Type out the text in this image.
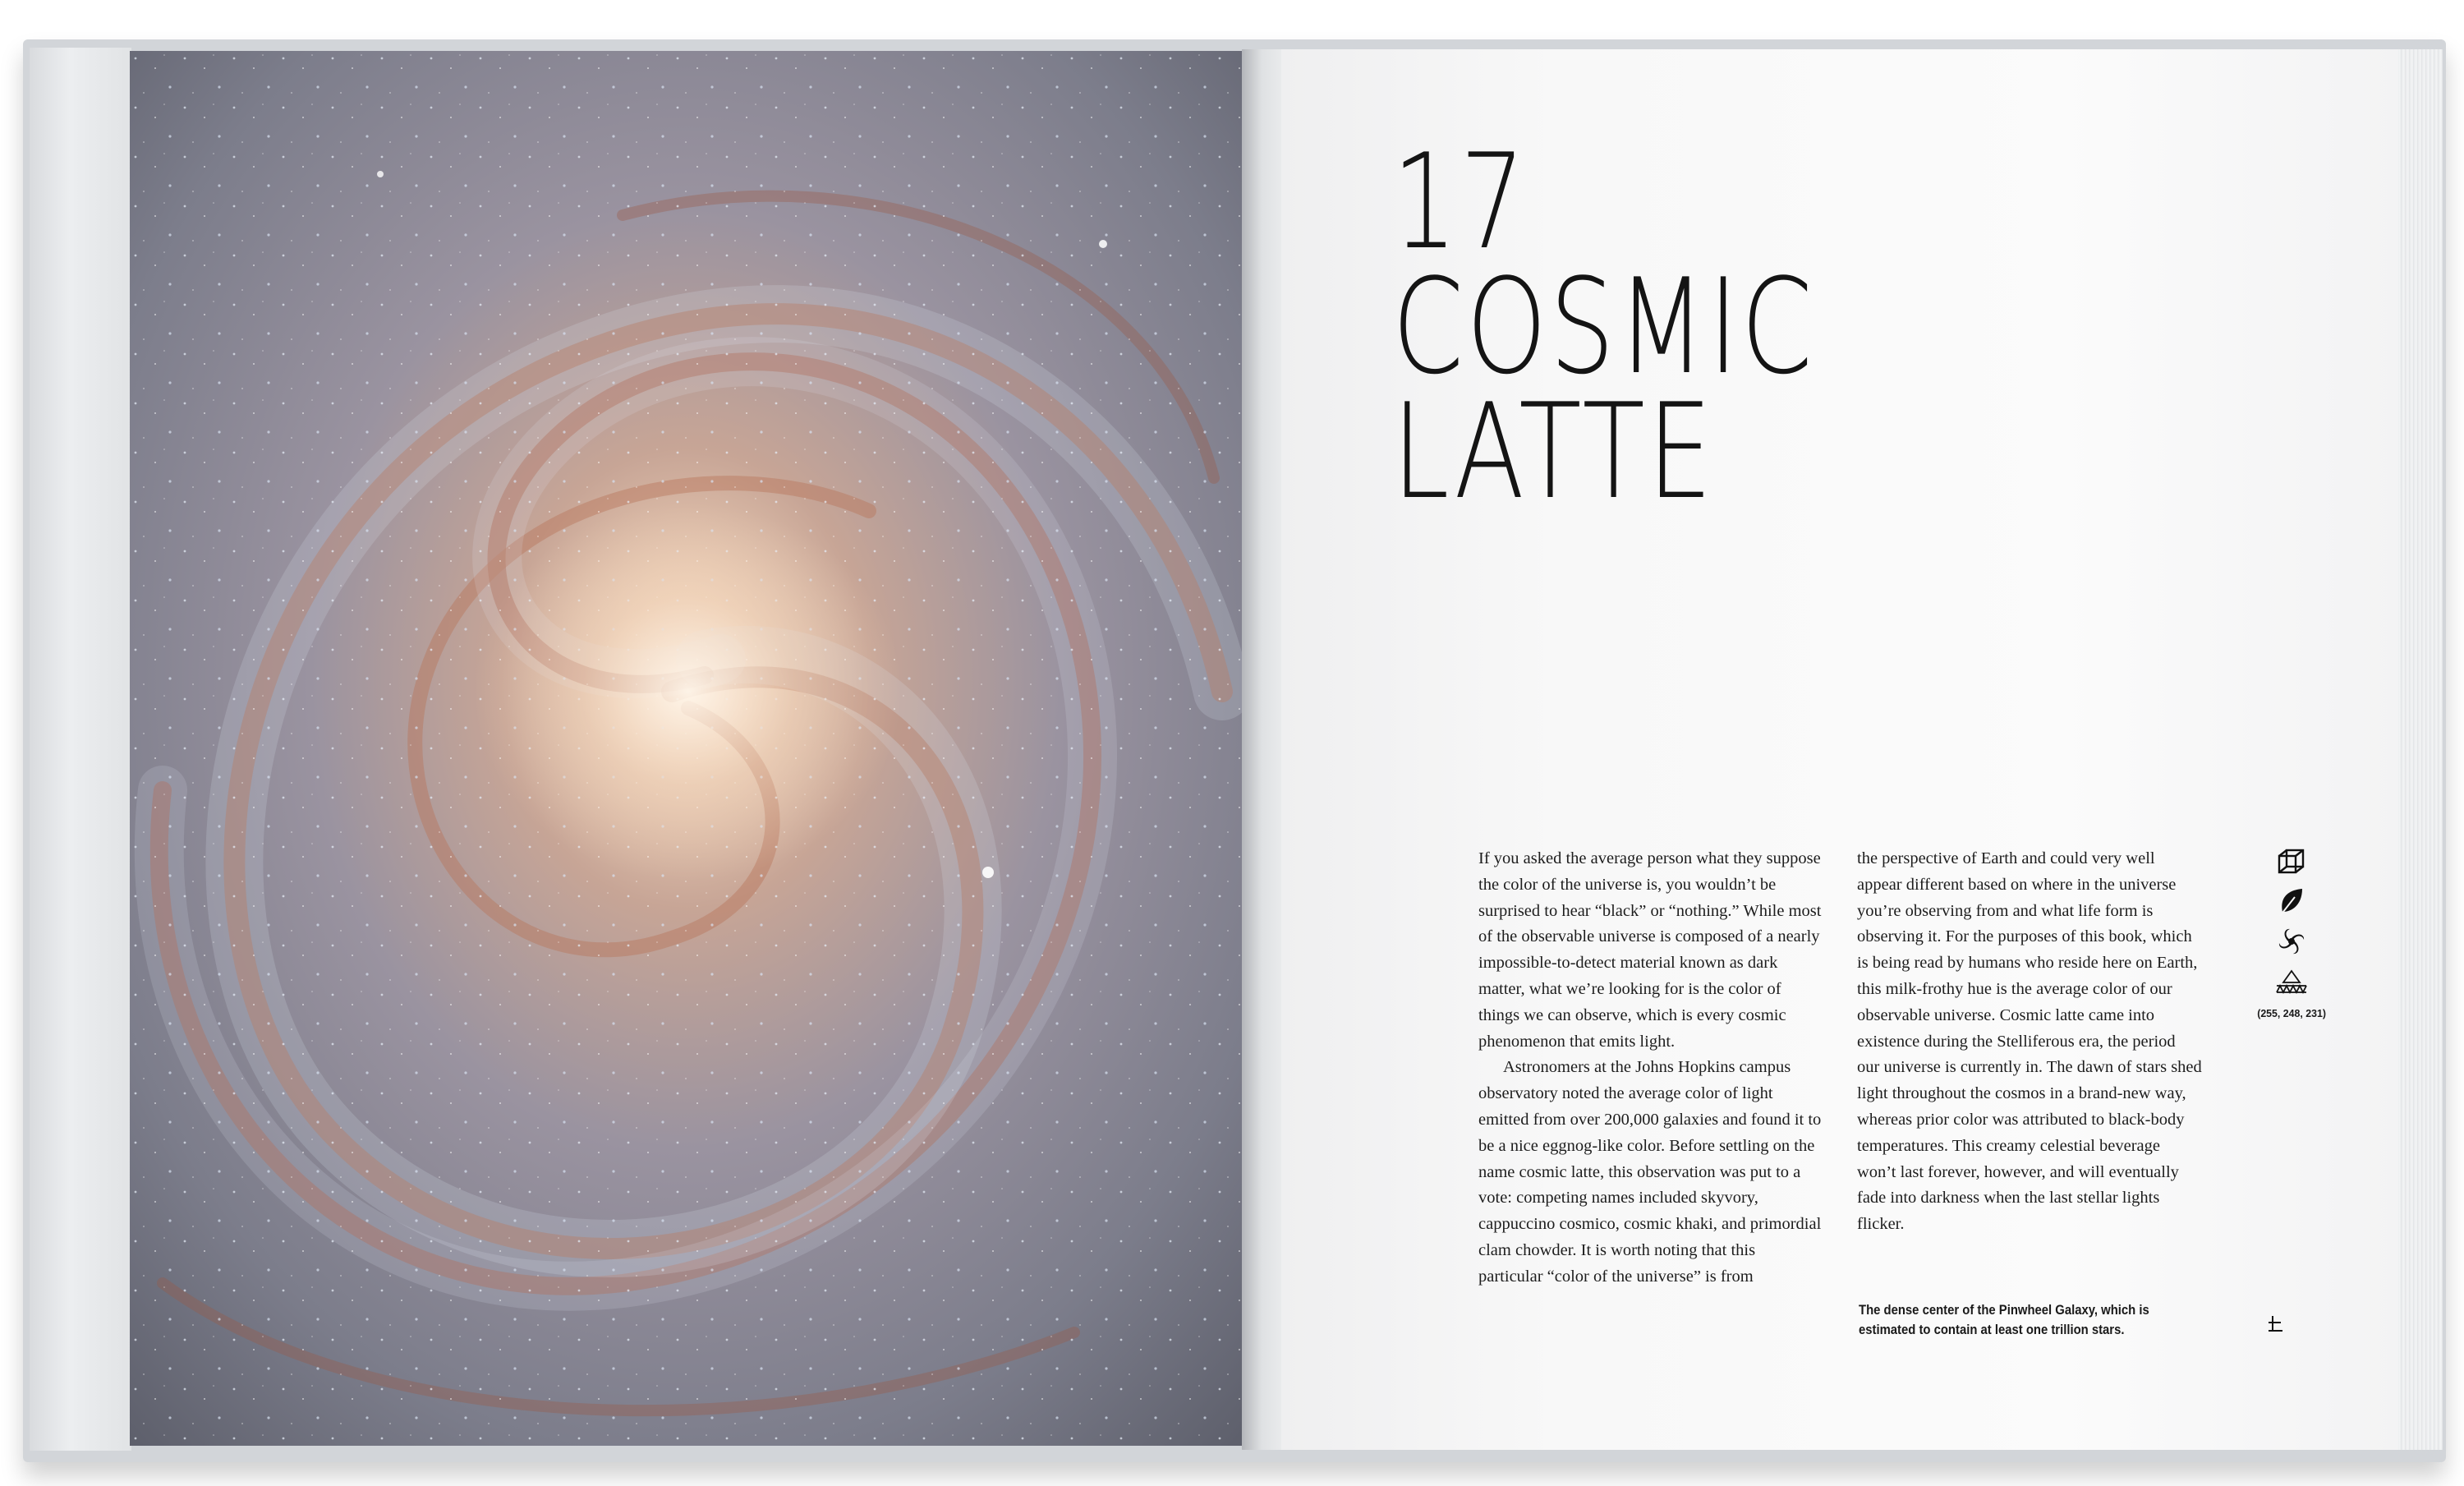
17
COSMIC
LATTE

If you asked the average person what they suppose the color of the universe is, you wouldn’t be surprised to hear “black” or “nothing.” While most of the observable universe is composed of a nearly impossible-to-detect material known as dark matter, what we’re looking for is the color of things we can observe, which is every cosmic phenomenon that emits light.

Astronomers at the Johns Hopkins campus observatory noted the average color of light emitted from over 200,000 galaxies and found it to be a nice eggnog-like color. Before settling on the name cosmic latte, this observation was put to a vote: competing names included skyvory, cappuccino cosmico, cosmic khaki, and primordial clam chowder. It is worth noting that this particular “color of the universe” is from

the perspective of Earth and could very well appear different based on where in the universe you’re observing from and what life form is observing it. For the purposes of this book, which is being read by humans who reside here on Earth, this milk-frothy hue is the average color of our observable universe. Cosmic latte came into existence during the Stelliferous era, the period our universe is currently in. The dawn of stars shed light throughout the cosmos in a brand-new way, whereas prior color was attributed to black-body temperatures. This creamy celestial beverage won’t last forever, however, and will eventually fade into darkness when the last stellar lights flicker.

The dense center of the Pinwheel Galaxy, which is estimated to contain at least one trillion stars.

(255, 248, 231)
